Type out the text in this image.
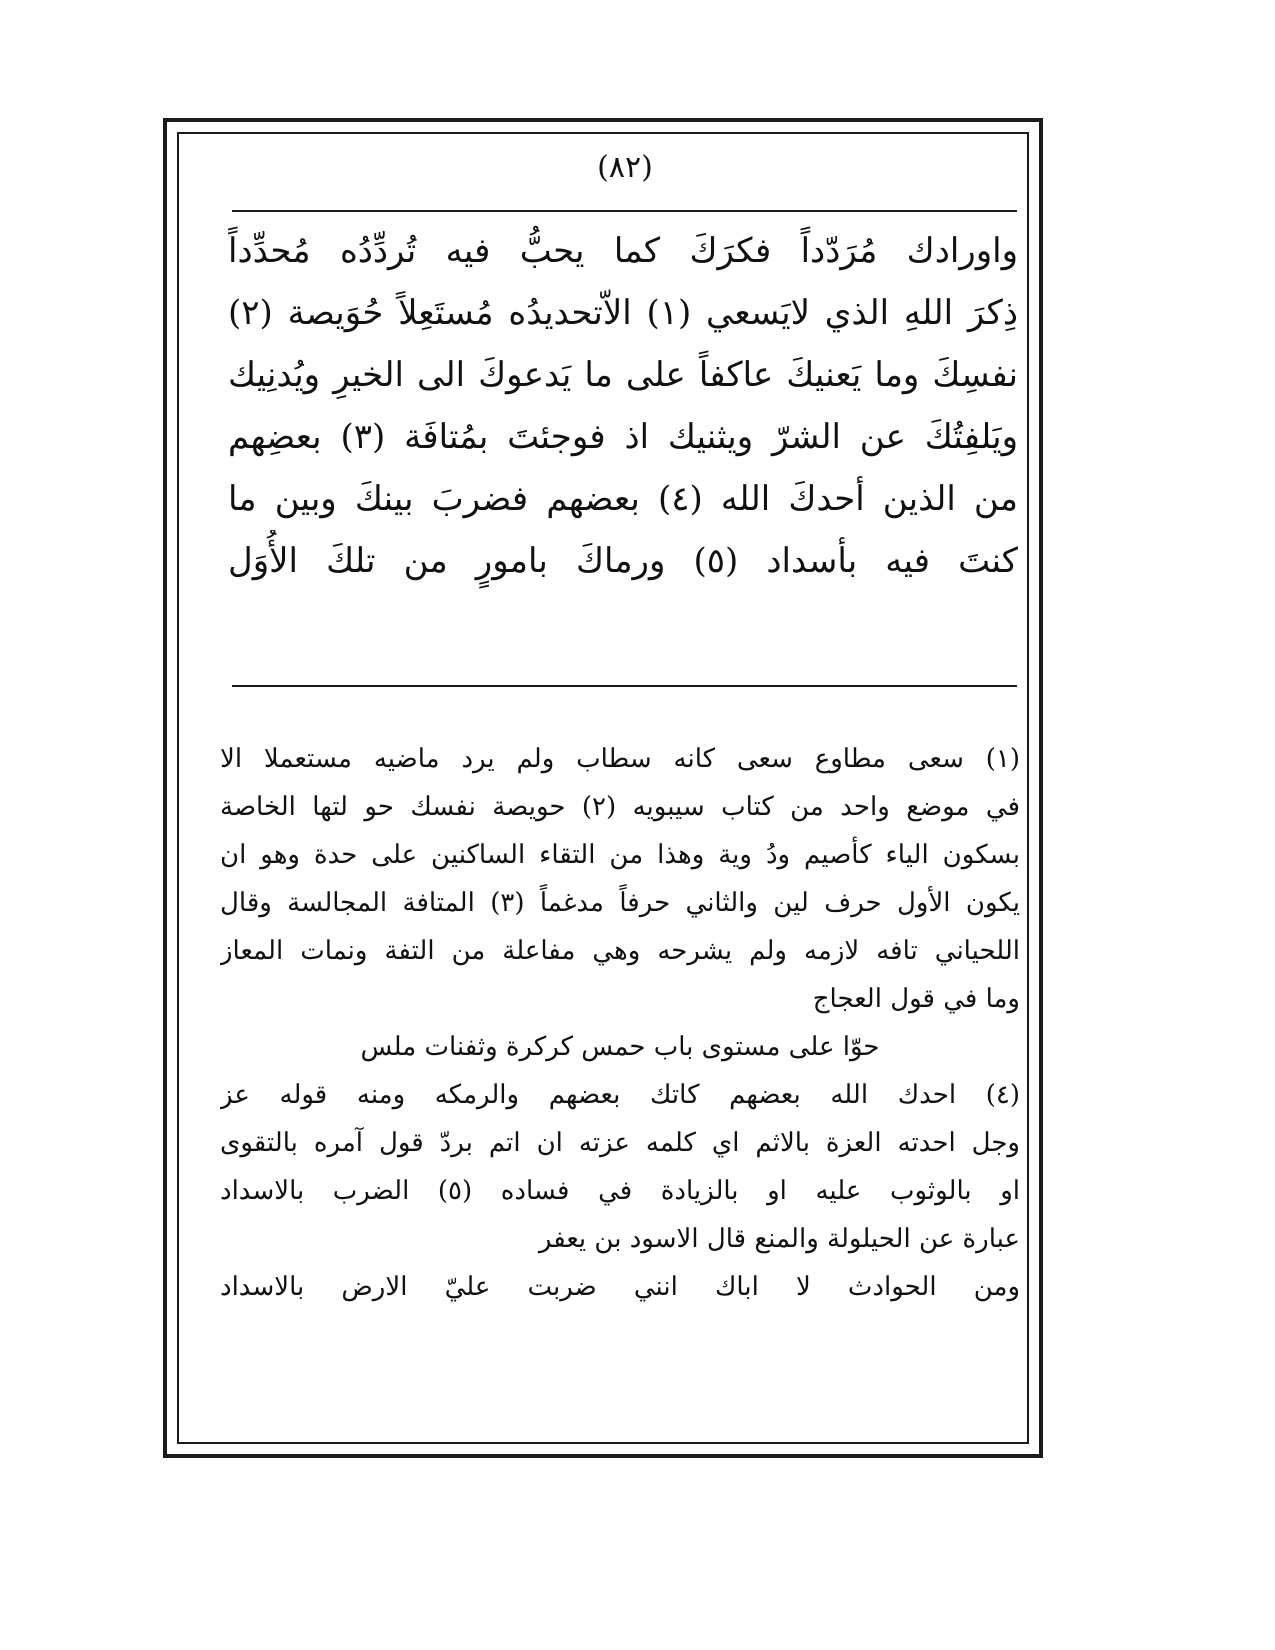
(٨٢)
واورادك مُرَدّداً فكرَكَ كما يحبُّ فيه تُردِّدُه مُحدِّداً
ذِكرَ اللهِ الذي لايَسعي (١) الاّتحديدُه مُستَعِلاً حُوَيصة (٢)
نفسِكَ وما يَعنيكَ عاكفاً على ما يَدعوكَ الى الخيرِ ويُدنِيك
ويَلفِتُكَ عن الشرّ ويثنيك اذ فوجئتَ بمُتافَة (٣) بعضِهم
من الذين أحدكَ الله (٤) بعضهم فضربَ بينكَ وبين ما
كنتَ فيه بأسداد (٥) ورماكَ بامورٍ من تلكَ الأُوَل
(١) سعى مطاوع سعى كانه سطاب ولم يرد ماضيه مستعملا الا
في موضع واحد من كتاب سيبويه (٢) حويصة نفسك حو لتها الخاصة
بسكون الياء كأصيم ودُ وية وهذا من التقاء الساكنين على حدة وهو ان
يكون الأول حرف لين والثاني حرفاً مدغماً (٣) المتافة المجالسة وقال
اللحياني تافه لازمه ولم يشرحه وهي مفاعلة من التفة ونمات المعاز
وما في قول العجاج
حوّا على مستوى باب حمس كركرة وثفنات ملس
(٤) احدك الله بعضهم كاتك بعضهم والرمكه ومنه قوله عز
وجل احدته العزة بالاثم اي كلمه عزته ان اتم بردّ قول آمره بالتقوى
او بالوثوب عليه او بالزيادة في فساده (٥) الضرب بالاسداد
عبارة عن الحيلولة والمنع قال الاسود بن يعفر
ومن الحوادث لا اباك انني ضربت عليّ الارض بالاسداد
